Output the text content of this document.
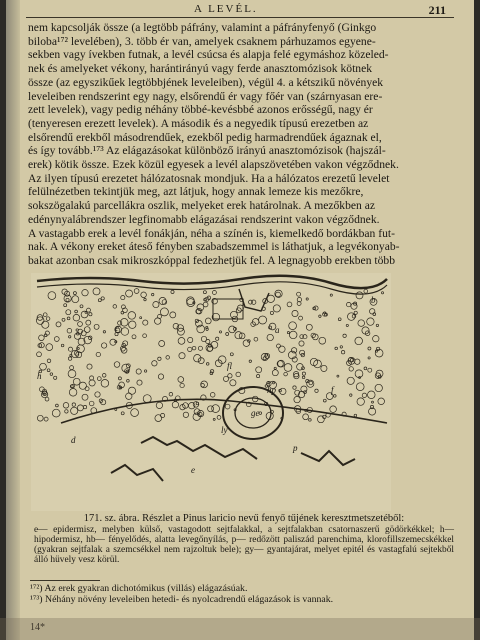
A LEVÉL.	211

nem kapcsolják össze (a legtöbb páfrány, valamint a páfrányfenyő (Ginkgo

biloba¹⁷² levelében), 3. több ér van, amelyek csaknem párhuzamos egyene-

sekben vagy ívekben futnak, a levél csúcsa és alapja felé egymáshoz közeled-

nek és amelyeket vékony, harántirányú vagy ferde anasztomózisok kötnek

össze (az egyszikűek legtöbbjének leveleiben), végül 4. a kétszikű növények

leveleiben rendszerint egy nagy, elsőrendű ér vagy főér van (szárnyasan ere-

zett levelek), vagy pedig néhány többé-kevésbbé azonos erősségű, nagy ér

(tenyeresen erezett levelek). A második és a negyedik típusú erezetben az

elsőrendű erekből másodrendűek, ezekből pedig harmadrendűek ágaznak el,

és így tovább.¹⁷³ Az elágazásokat különböző irányú anasztomózisok (hajszál-

erek) kötik össze. Ezek közül egyesek a levél alapszövetében vakon végződnek.

Az ilyen típusú erezetet hálózatosnak mondjuk. Ha a hálózatos erezetű levelet

felülnézetben tekintjük meg, azt látjuk, hogy annak lemeze kis mezőkre,

sokszögalakú parcellákra oszlik, melyeket erek határolnak. A mezőkben az

edénynyalábrendszer legfinomabb elágazásai rendszerint vakon végződnek.

A vastagabb erek a levél fonákján, néha a színén is, kiemelkedő bordákban fut-

nak. A vékony ereket áteső fényben szabadszemmel is láthatjuk, a legvékonyab-

bakat azonban csak mikroszkóppal fedezhetjük fel. A legnagyobb erekben több

ge
ly
a
p
fl
hp
b
h
c
d
e
f
171. sz. ábra. Részlet a Pinus laricio nevű fenyő tűjének keresztmetszetéből:
e— epidermisz, melyben külső, vastagodott sejtfalakkal, a sejtfalakban csatornaszerű gödörkékkel; h— hipodermisz, hb— fényelődés, alatta levegőnyílás, p— redőzött paliszád parenchima, klorofillszemecskékkel (gyakran sejtfalak a szemcsékkel nem rajzoltuk bele); gy— gyantajárat, melyet epitél és vastagfalú sejtekből álló hüvely vesz körül.
¹⁷²) Az erek gyakran dichotómikus (villás) elágazásúak.
¹⁷³) Néhány növény leveleiben hetedi- és nyolcadrendű elágazások is vannak.
14*
